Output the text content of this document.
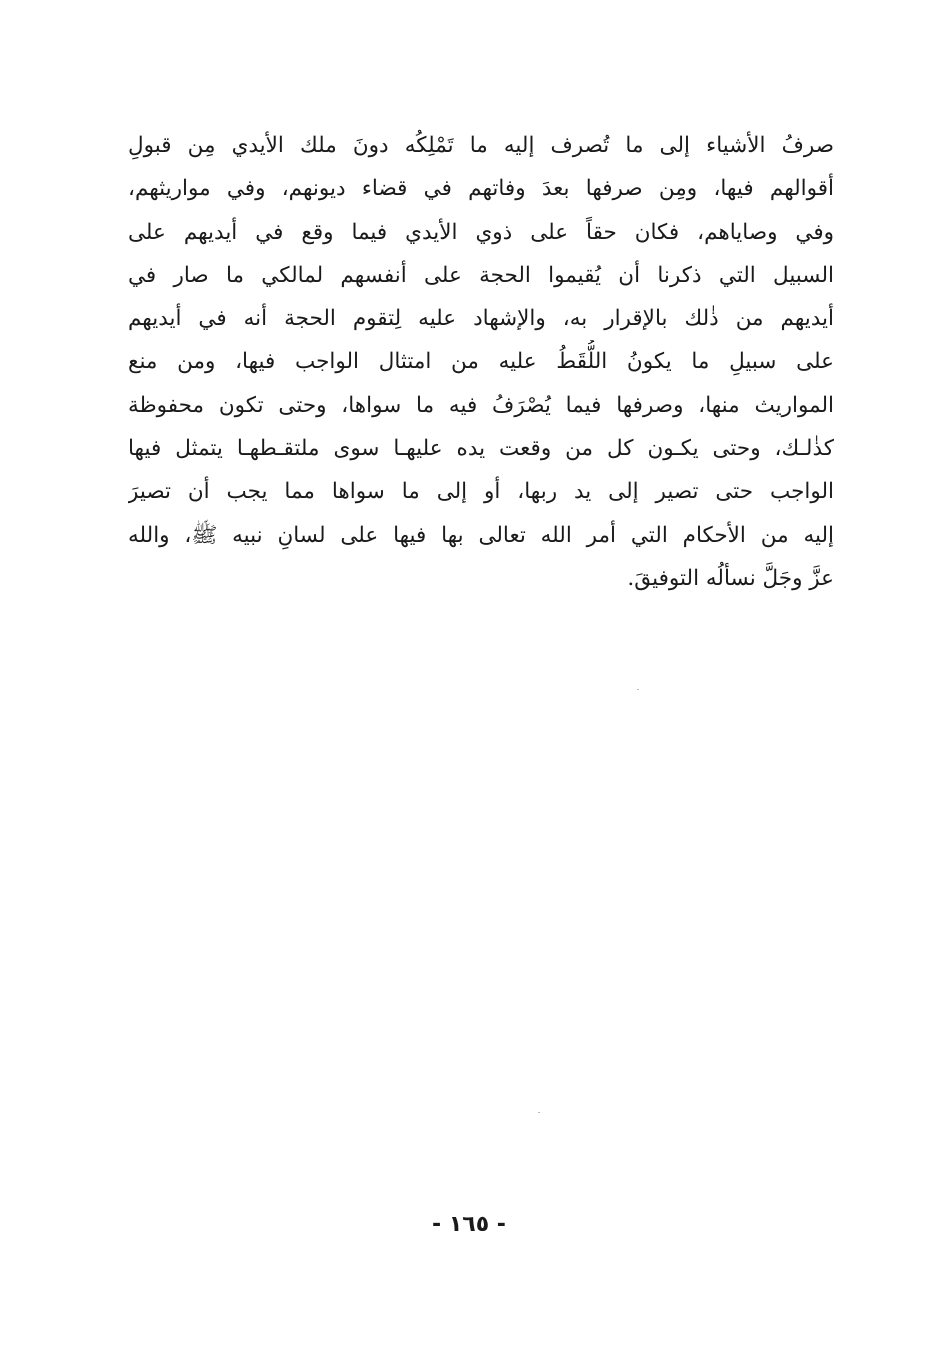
صرفُ الأشياء إلى ما تُصرف إليه ما تَمْلِكُه دونَ ملك الأيدي مِن قبولِ
أقوالهم فيها، ومِن صرفها بعدَ وفاتهم في قضاء ديونهم، وفي مواريثهم،
وفي وصاياهم، فكان حقاً على ذوي الأيدي فيما وقع في أيديهم على
السبيل التي ذكرنا أن يُقيموا الحجة على أنفسهم لمالكي ما صار في
أيديهم من ذٰلك بالإقرار به، والإشهاد عليه لِتقوم الحجة أنه في أيديهم
على سبيلِ ما يكونُ اللُّقَطُ عليه من امتثال الواجب فيها، ومن منع
المواريث منها، وصرفها فيما يُصْرَفُ فيه ما سواها، وحتى تكون محفوظة
كذٰلـك، وحتى يكـون كل من وقعت يده عليهـا سوى ملتقـطهـا يتمثل فيها
الواجب حتى تصير إلى يد ربها، أو إلى ما سواها مما يجب أن تصيرَ
إليه من الأحكام التي أمر الله تعالى بها فيها على لسانِ نبيه ﷺ، والله
عزَّ وجَلَّ نسألُه التوفيقَ.
- ١٦٥ -
